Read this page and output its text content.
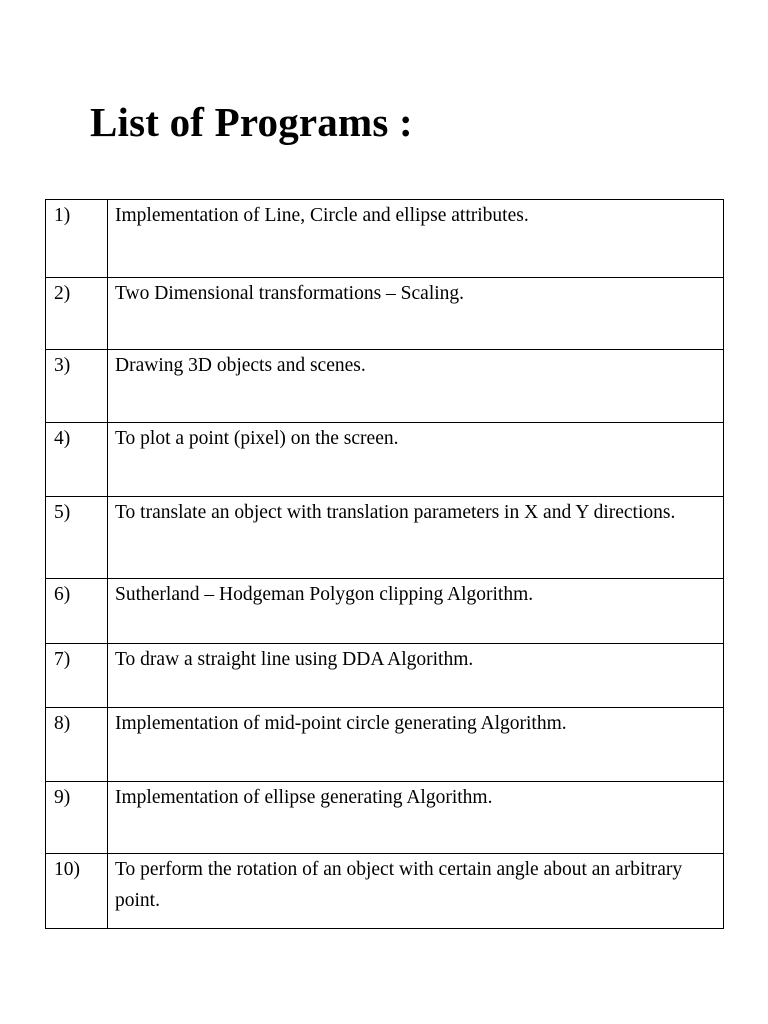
List of Programs :
1)	Implementation of Line, Circle and ellipse attributes.
2)	Two Dimensional transformations – Scaling.
3)	Drawing 3D objects and scenes.
4)	To plot a point (pixel) on the screen.
5)	To translate an object with translation parameters in X and Y directions.
6)	Sutherland – Hodgeman Polygon clipping Algorithm.
7)	To draw a straight line using DDA Algorithm.
8)	Implementation of mid-point circle generating Algorithm.
9)	Implementation of ellipse generating Algorithm.
10)	To perform the rotation of an object with certain angle about an arbitrary point.
